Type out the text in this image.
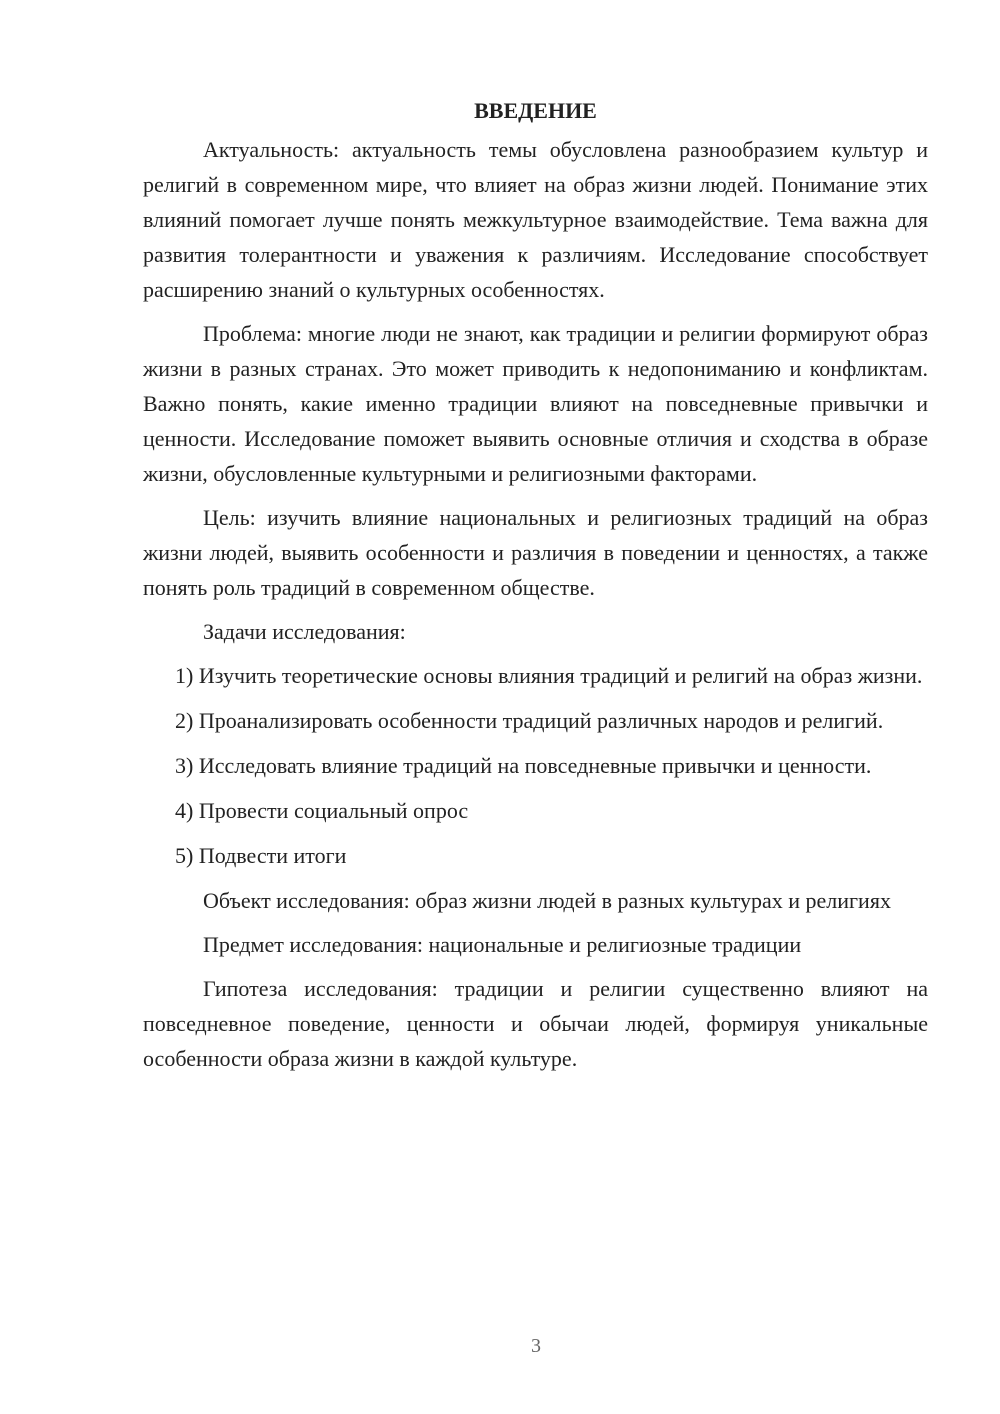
ВВЕДЕНИЕ

Актуальность: актуальность темы обусловлена разнообразием культур и религий в современном мире, что влияет на образ жизни людей. Понимание этих влияний помогает лучше понять межкультурное взаимодействие. Тема важна для развития толерантности и уважения к различиям. Исследование способствует расширению знаний о культурных особенностях.

Проблема: многие люди не знают, как традиции и религии формируют образ жизни в разных странах. Это может приводить к недопониманию и конфликтам. Важно понять, какие именно традиции влияют на повседневные привычки и ценности. Исследование поможет выявить основные отличия и сходства в образе жизни, обусловленные культурными и религиозными факторами.

Цель: изучить влияние национальных и религиозных традиций на образ жизни людей, выявить особенности и различия в поведении и ценностях, а также понять роль традиций в современном обществе.

Задачи исследования:

1) Изучить теоретические основы влияния традиций и религий на образ жизни.

2) Проанализировать особенности традиций различных народов и религий.

3) Исследовать влияние традиций на повседневные привычки и ценности.

4) Провести социальный опрос

5) Подвести итоги

Объект исследования: образ жизни людей в разных культурах и религиях

Предмет исследования: национальные и религиозные традиции

Гипотеза исследования: традиции и религии существенно влияют на повседневное поведение, ценности и обычаи людей, формируя уникальные особенности образа жизни в каждой культуре.

3
